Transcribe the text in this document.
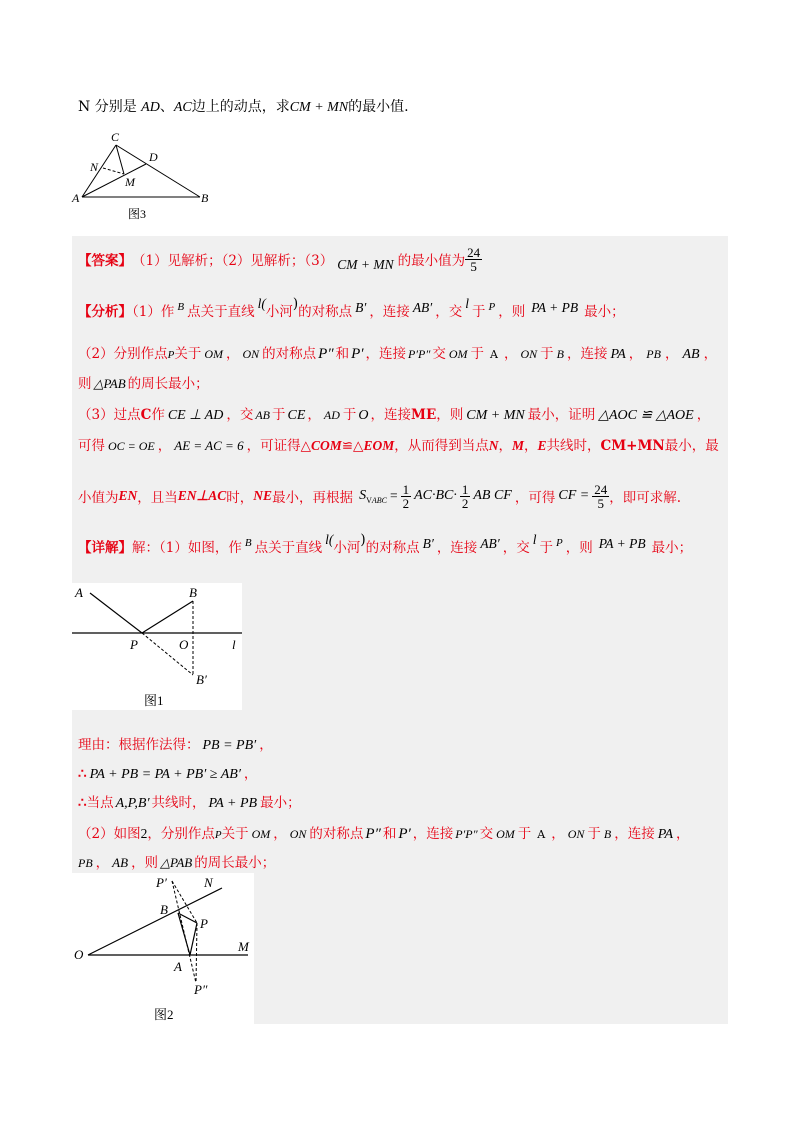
N 分别是 AD、AC边上的动点，求CM + MN的最小值.
C
D
N
M
A	B
图3
【答案】 （1）见解析；（2）见解析；（3） CM + MN 的最小值为 $\frac{24}{5}$
【分析】（1）作 $^B$ 点关于直线l(小河)的对称点 B′ ，连接 AB′ ，交l于 $^P$ ，则 PA + PB 最小；
（2）分别作点P关于 OM ， ON 的对称点 P″ 和 P′ ，连接 P′P″ 交 OM 于 A ， ON 于 B ，连接 PA ， PB ， AB ，
则 △PAB 的周长最小；
（3）过点C作 CE ⊥ AD ，交 AB 于 CE ， AD 于 O ，连接ME，则 CM + MN 最小，证明 △AOC ≌ △AOE ，
可得 OC = OE ， AE = AC = 6 ，可证得△COM≌△EOM，从而得到当点N，M，E共线时，CM+MN最小，最
小值为 EN ，且当 EN⊥AC 时， NE 最小，再根据 $S_{VABC} = \frac{1}{2} AC\cdot BC\cdot \frac{1}{2}$ AB CF ，可得 CF = $\frac{24}{5}$ ，即可求解.
【详解】解：（1）如图，作 $^B$ 点关于直线l(小河)的对称点 B′ ，连接 AB′ ，交l于 $^P$ ，则 PA + PB 最小；
A	B
P	O	l
B′
图1
理由：根据作法得： PB = PB′ ，
∴ PA + PB = PA + PB′ ≥ AB′ ，
∴当点 A,P,B′ 共线时， PA + PB 最小；
（2）如图2，分别作点P关于 OM ， ON 的对称点 P″ 和 P′ ，连接 P′P″ 交 OM 于 A ， ON 于 B ，连接 PA ，
PB ， AB ，则 △PAB 的周长最小；
P′	N
B
P
O
M
A
P″
图2
